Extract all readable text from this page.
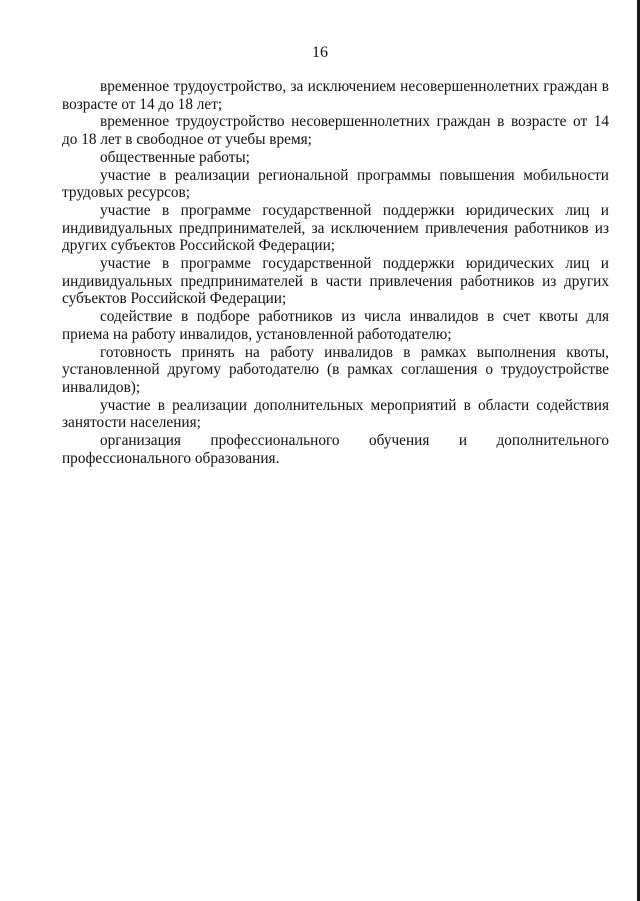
16

временное трудоустройство, за исключением несовершеннолетних граждан в возрасте от 14 до 18 лет;

временное трудоустройство несовершеннолетних граждан в возрасте от 14 до 18 лет в свободное от учебы время;

общественные работы;

участие в реализации региональной программы повышения мобильности трудовых ресурсов;

участие в программе государственной поддержки юридических лиц и индивидуальных предпринимателей, за исключением привлечения работников из других субъектов Российской Федерации;

участие в программе государственной поддержки юридических лиц и индивидуальных предпринимателей в части привлечения работников из других субъектов Российской Федерации;

содействие в подборе работников из числа инвалидов в счет квоты для приема на работу инвалидов, установленной работодателю;

готовность принять на работу инвалидов в рамках выполнения квоты, установленной другому работодателю (в рамках соглашения о трудоустройстве инвалидов);

участие в реализации дополнительных мероприятий в области содействия занятости населения;

организация профессионального обучения и дополнительного профессионального образования.
